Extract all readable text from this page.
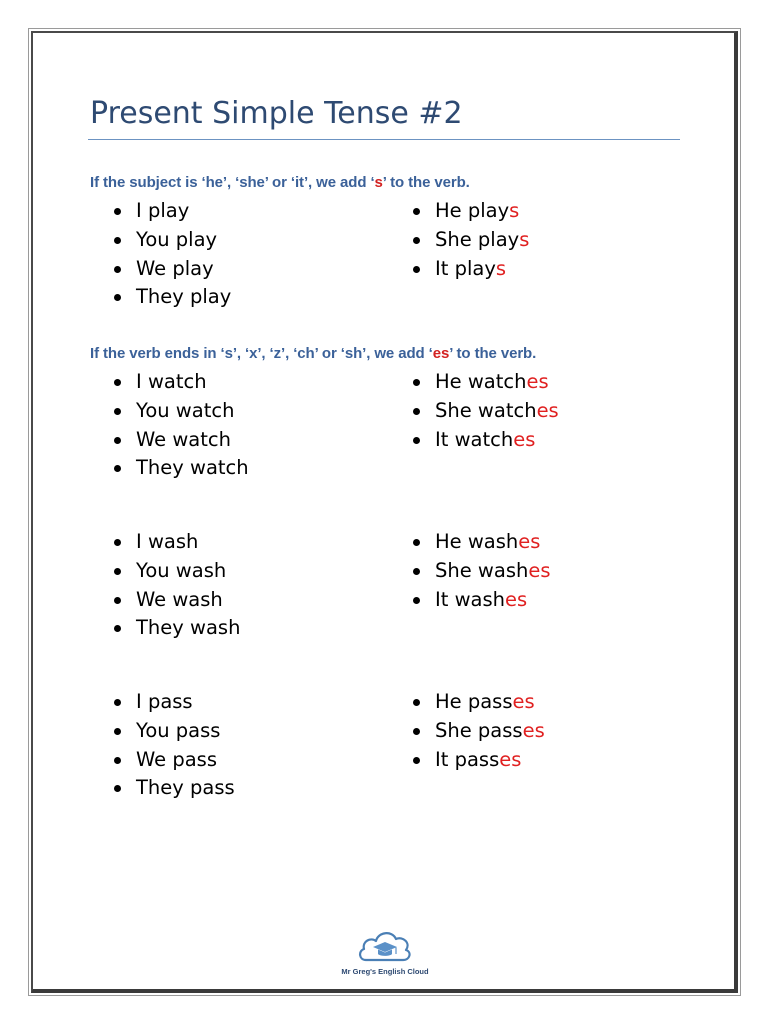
Present Simple Tense #2

If the subject is ‘he’, ‘she’ or ‘it’, we add ‘s’ to the verb.

I play
You play
We play
They play
He plays
She plays
It plays

If the verb ends in ‘s’, ‘x’, ‘z’, ‘ch’ or ‘sh’, we add ‘es’ to the verb.

I watch
You watch
We watch
They watch
He watches
She watches
It watches
I wash
You wash
We wash
They wash
He washes
She washes
It washes
I pass
You pass
We pass
They pass
He passes
She passes
It passes
Mr Greg's English Cloud
